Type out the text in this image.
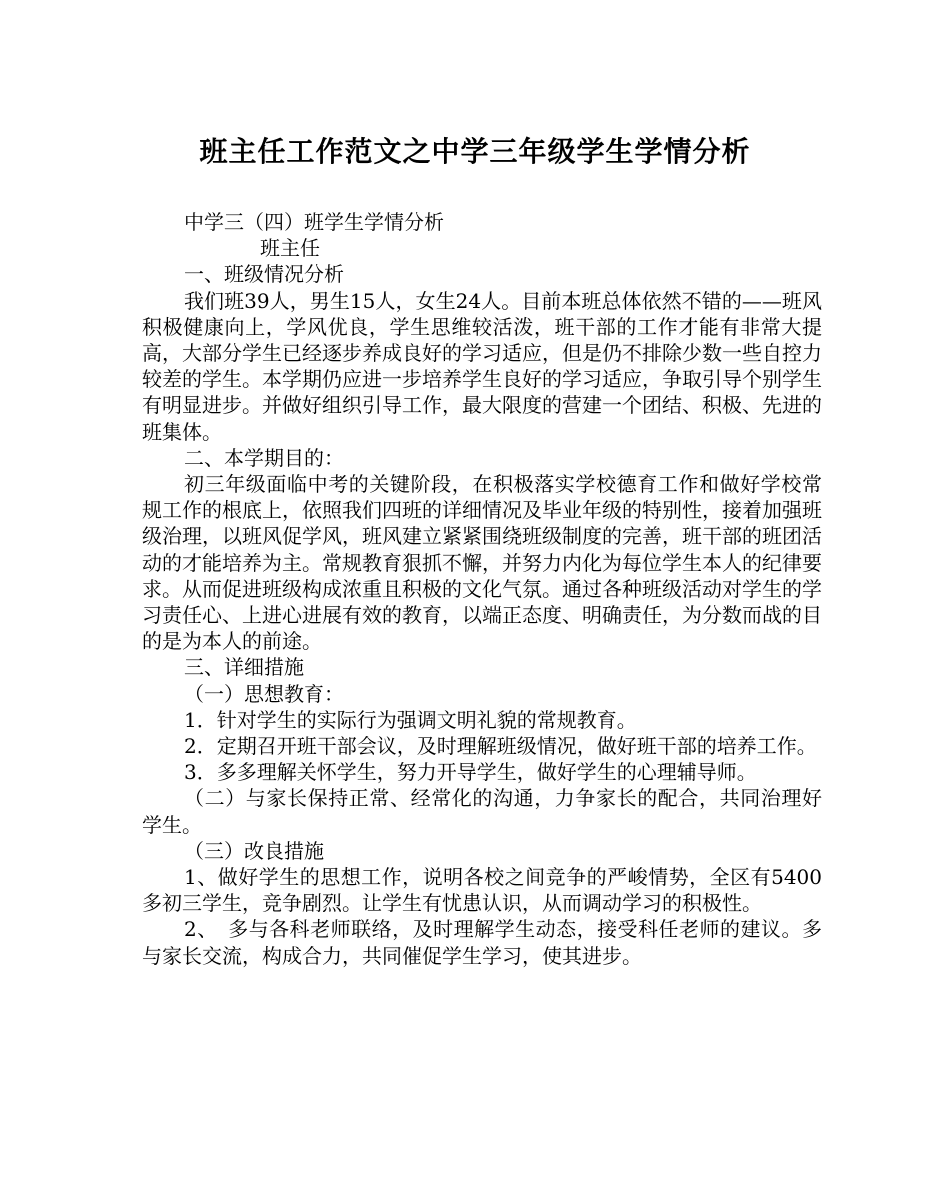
班主任工作范文之中学三年级学生学情分析

中学三（四）班学生学情分析

班主任

一、班级情况分析

我们班39人，男生15人，女生24人。目前本班总体依然不错的——班风积极健康向上，学风优良，学生思维较活泼，班干部的工作才能有非常大提高，大部分学生已经逐步养成良好的学习适应，但是仍不排除少数一些自控力较差的学生。本学期仍应进一步培养学生良好的学习适应，争取引导个别学生有明显进步。并做好组织引导工作，最大限度的营建一个团结、积极、先进的班集体。

二、本学期目的：

初三年级面临中考的关键阶段，在积极落实学校德育工作和做好学校常规工作的根底上，依照我们四班的详细情况及毕业年级的特别性，接着加强班级治理，以班风促学风，班风建立紧紧围绕班级制度的完善，班干部的班团活动的才能培养为主。常规教育狠抓不懈，并努力内化为每位学生本人的纪律要求。从而促进班级构成浓重且积极的文化气氛。通过各种班级活动对学生的学习责任心、上进心进展有效的教育，以端正态度、明确责任，为分数而战的目的是为本人的前途。

三、详细措施

（一）思想教育：

1．针对学生的实际行为强调文明礼貌的常规教育。

2．定期召开班干部会议，及时理解班级情况，做好班干部的培养工作。

3．多多理解关怀学生，努力开导学生，做好学生的心理辅导师。

（二）与家长保持正常、经常化的沟通，力争家长的配合，共同治理好学生。

（三）改良措施

1、做好学生的思想工作，说明各校之间竞争的严峻情势，全区有5400多初三学生，竞争剧烈。让学生有忧患认识，从而调动学习的积极性。

2、　多与各科老师联络，及时理解学生动态，接受科任老师的建议。多与家长交流，构成合力，共同催促学生学习，使其进步。
